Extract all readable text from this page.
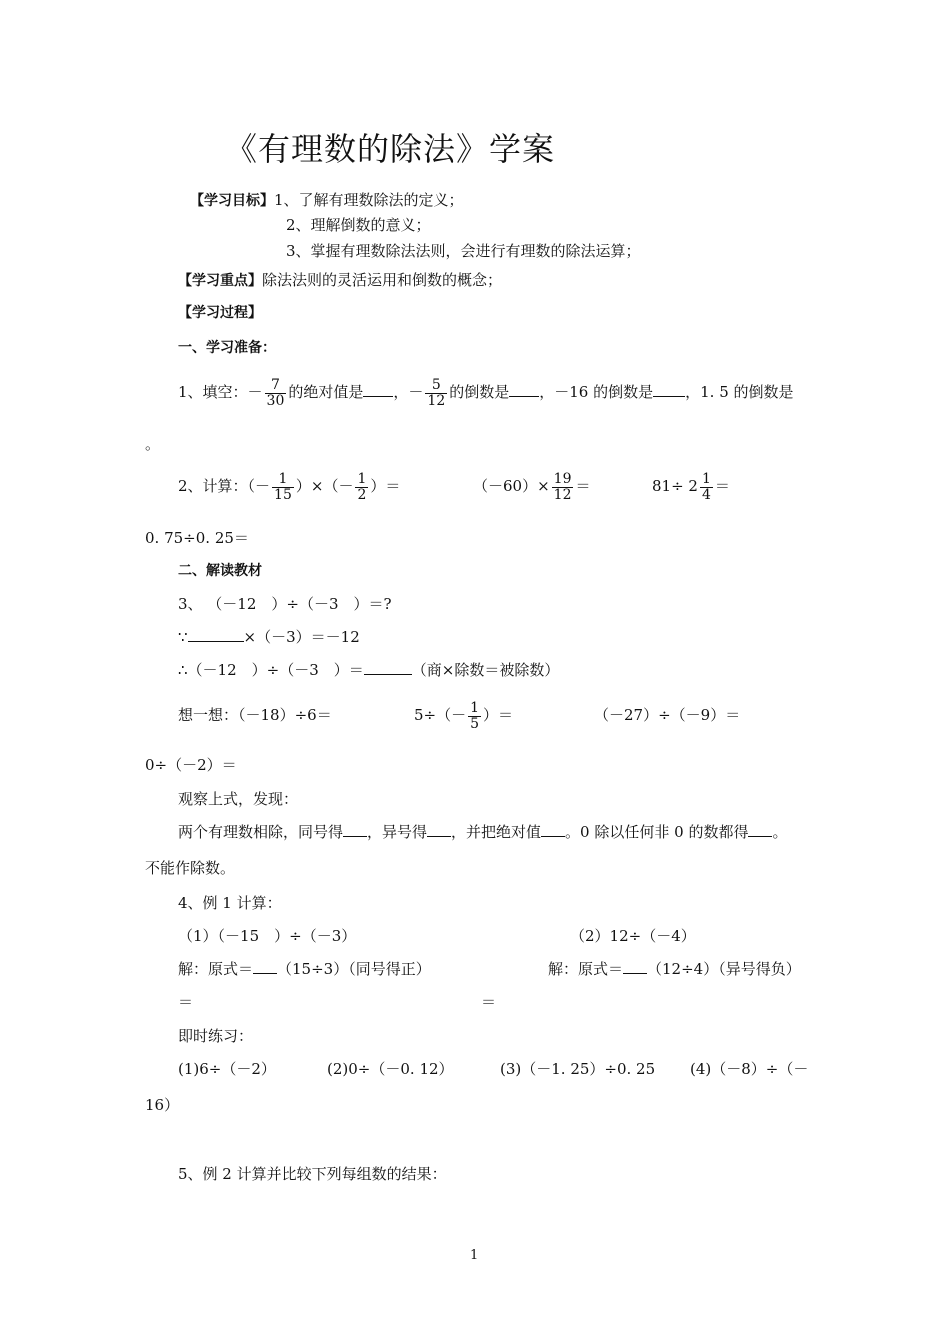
《有理数的除法》学案
【学习目标】1、了解有理数除法的定义；
2、理解倒数的意义；
3、掌握有理数除法法则，会进行有理数的除法运算；
【学习重点】除法法则的灵活运用和倒数的概念；
【学习过程】
一、学习准备：
1、填空：－ $\frac{7}{30}$ 的绝对值是 ，－ $\frac{5}{12}$ 的倒数是 ，－16 的倒数是 ，1. 5 的倒数是
。
2、计算：（－ $\frac{1}{15}$ ）×（－ $\frac{1}{2}$ ）＝	$(-60)\times \frac{19}{12}$ ＝	$81\div 2 \frac{1}{4}$ ＝
0. 75÷0. 25＝
二、解读教材
3、 （－12　）÷（－3　）＝?
∵	×（－3）＝－12
∴（－12　）÷（－3　）＝	（商×除数＝被除数）
想一想：（－18）÷6＝	$5\div(- \frac{1}{5}$ ）＝	（－27）÷（－9）＝
0÷（－2）＝
观察上式，发现：
两个有理数相除，同号得 ，异号得 ，并把绝对值 。0 除以任何非 0 的数都得 。
不能作除数。
4、例 1 计算：
（1）（－15　）÷（－3）	（2）12÷（－4）
解：原式＝ （15÷3）（同号得正）	解：原式＝ （12÷4）（异号得负）
＝	＝
即时练习：
(1)6÷（－2）	(2)0÷（－0. 12）	(3)（－1. 25）÷0. 25 (4)（－8）÷（－
16）
5、例 2 计算并比较下列每组数的结果：
1
